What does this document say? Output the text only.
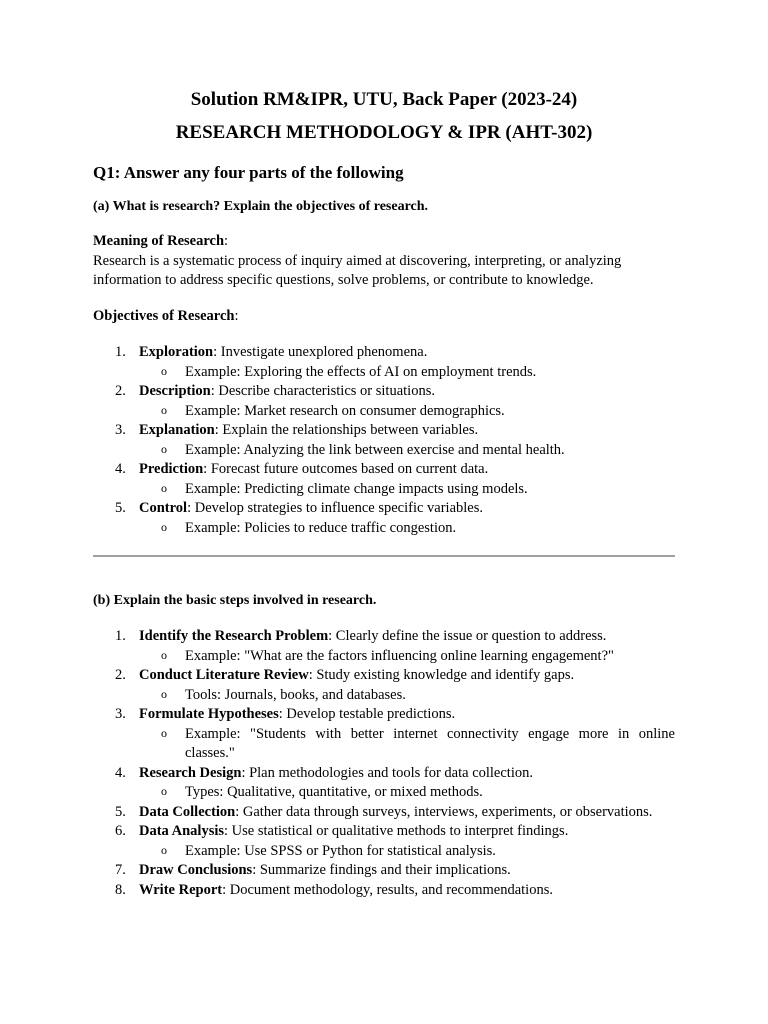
Solution RM&IPR, UTU, Back Paper (2023-24)
RESEARCH METHODOLOGY & IPR (AHT-302)
Q1: Answer any four parts of the following
(a) What is research? Explain the objectives of research.
Meaning of Research:
Research is a systematic process of inquiry aimed at discovering, interpreting, or analyzing information to address specific questions, solve problems, or contribute to knowledge.
Objectives of Research:
1. Exploration: Investigate unexplored phenomena.
o Example: Exploring the effects of AI on employment trends.
2. Description: Describe characteristics or situations.
o Example: Market research on consumer demographics.
3. Explanation: Explain the relationships between variables.
o Example: Analyzing the link between exercise and mental health.
4. Prediction: Forecast future outcomes based on current data.
o Example: Predicting climate change impacts using models.
5. Control: Develop strategies to influence specific variables.
o Example: Policies to reduce traffic congestion.
(b) Explain the basic steps involved in research.
1. Identify the Research Problem: Clearly define the issue or question to address.
o Example: "What are the factors influencing online learning engagement?"
2. Conduct Literature Review: Study existing knowledge and identify gaps.
o Tools: Journals, books, and databases.
3. Formulate Hypotheses: Develop testable predictions.
o Example: "Students with better internet connectivity engage more in online classes."
4. Research Design: Plan methodologies and tools for data collection.
o Types: Qualitative, quantitative, or mixed methods.
5. Data Collection: Gather data through surveys, interviews, experiments, or observations.
6. Data Analysis: Use statistical or qualitative methods to interpret findings.
o Example: Use SPSS or Python for statistical analysis.
7. Draw Conclusions: Summarize findings and their implications.
8. Write Report: Document methodology, results, and recommendations.
